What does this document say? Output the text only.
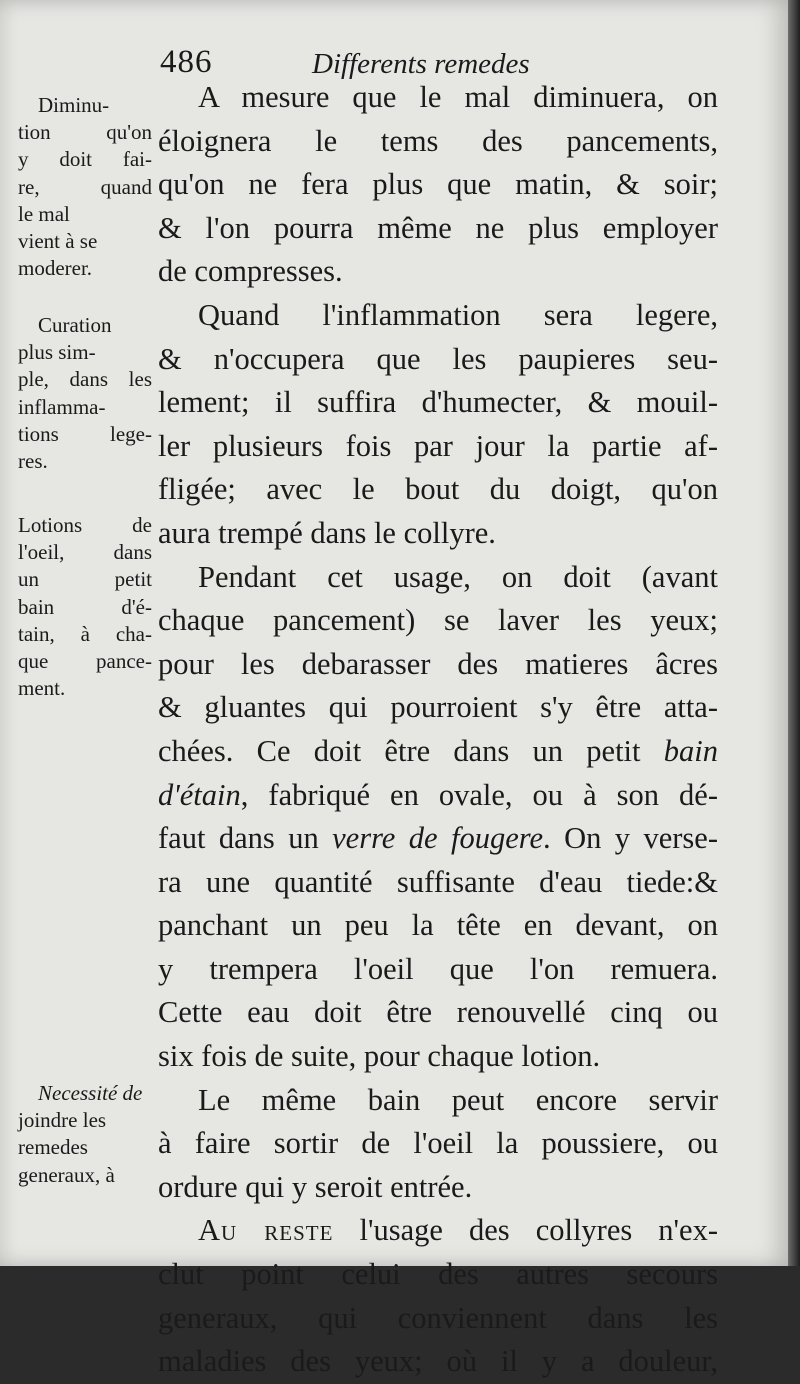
486	Differents remedes
A mesure que le mal diminuera, on
éloignera le tems des pancements,
qu'on ne fera plus que matin, & soir;
& l'on pourra même ne plus employer
de compresses.
Quand l'inflammation sera legere,
& n'occupera que les paupieres seu-
lement; il suffira d'humecter, & mouil-
ler plusieurs fois par jour la partie af-
fligée; avec le bout du doigt, qu'on
aura trempé dans le collyre.
Pendant cet usage, on doit (avant
chaque pancement) se laver les yeux;
pour les debarasser des matieres âcres
& gluantes qui pourroient s'y être atta-
chées. Ce doit être dans un petit bain
d'étain, fabriqué en ovale, ou à son dé-
faut dans un verre de fougere. On y verse-
ra une quantité suffisante d'eau tiede:&
panchant un peu la tête en devant, on
y trempera l'oeil que l'on remuera.
Cette eau doit être renouvellé cinq ou
six fois de suite, pour chaque lotion.
Le même bain peut encore servir
à faire sortir de l'oeil la poussiere, ou
ordure qui y seroit entrée.
Au reste l'usage des collyres n'ex-
clut point celui des autres secours
generaux, qui conviennent dans les
maladies des yeux; où il y a douleur,
Diminu-
tion qu'on
y doit fai-
re, quand
le mal
vient à se
moderer.
Curation
plus sim-
ple, dans les
inflamma-
tions lege-
res.
Lotions de
l'oeil, dans
un petit
bain d'é-
tain, à cha-
que pance-
ment.
Necessité de
joindre les
remedes
generaux, à
